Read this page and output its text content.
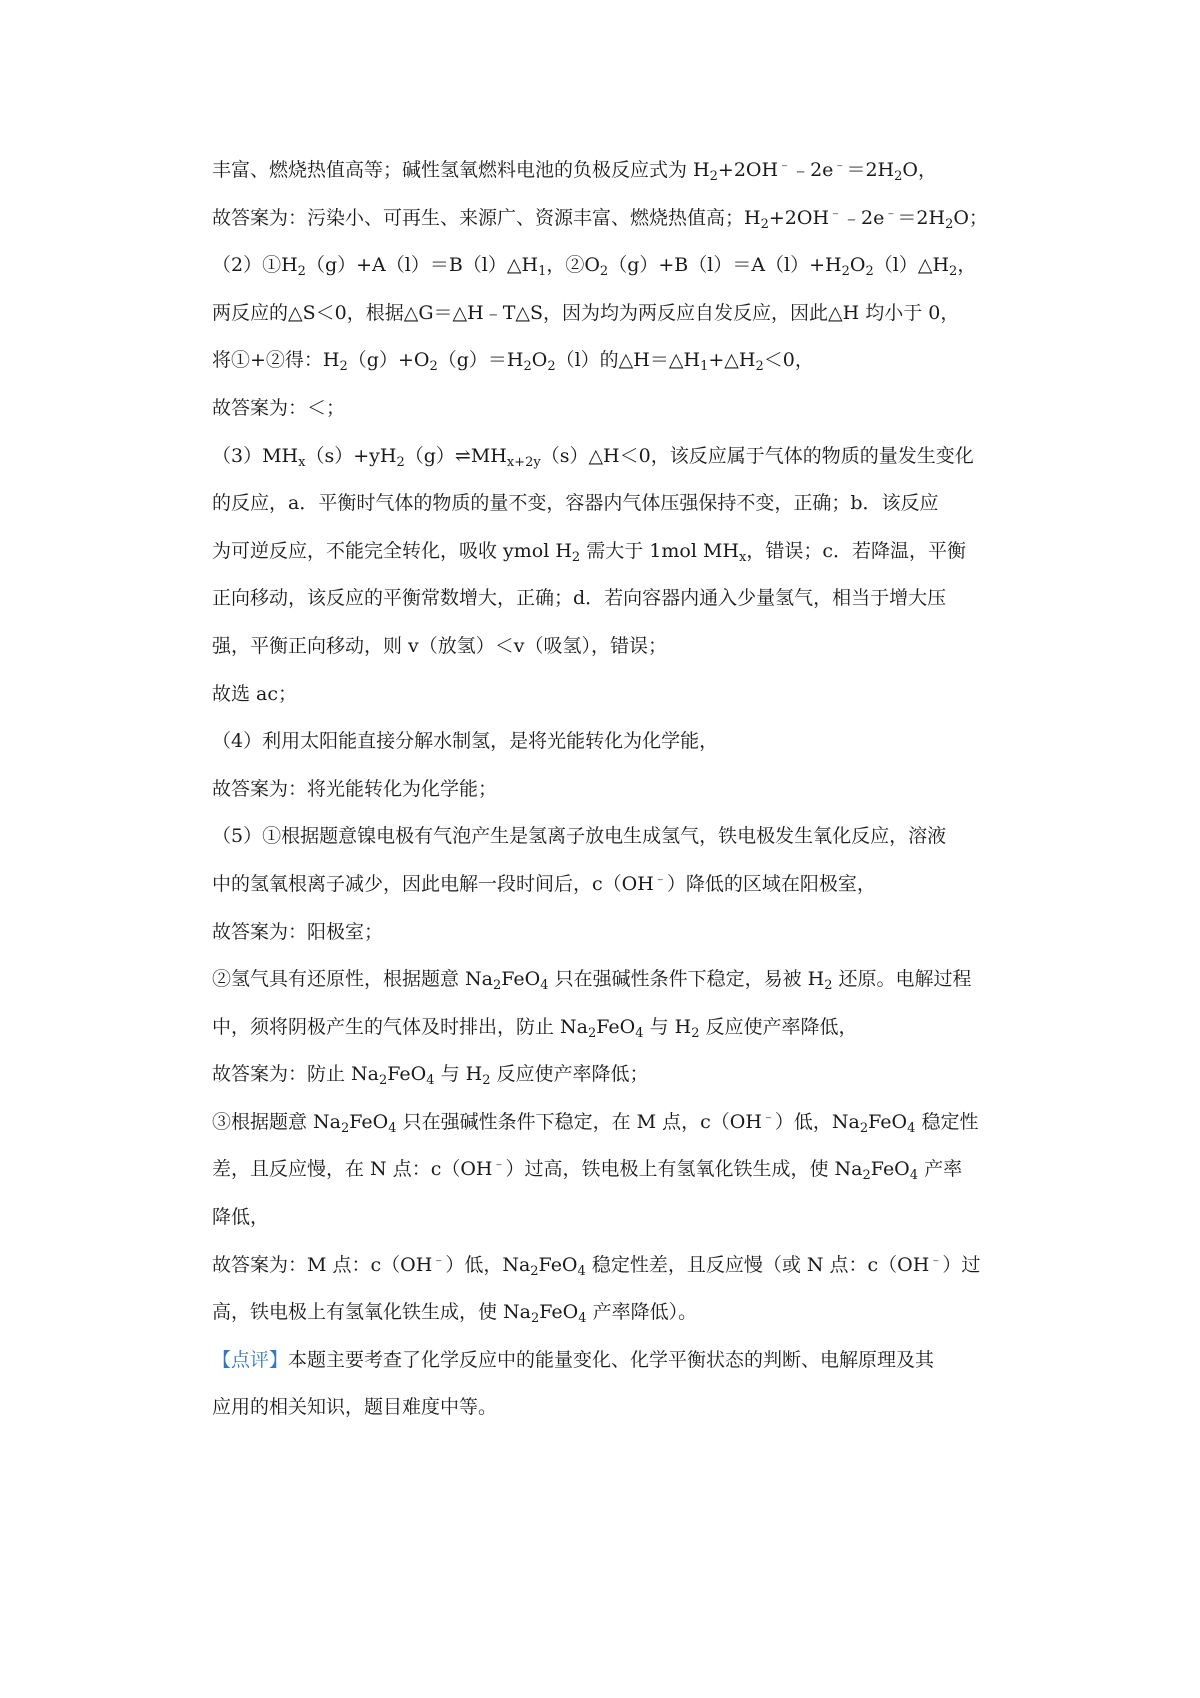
丰富、燃烧热值高等；碱性氢氧燃料电池的负极反应式为 $H_2+2OH^﹣﹣2e^﹣=2H_2O$，
故答案为：污染小、可再生、来源广、资源丰富、燃烧热值高；$H_2+2OH^﹣﹣2e^﹣=2H_2O$；
$(2)①H_2(g)+A(l)=B(l)\triangle H_1$，$②O_2(g)+B(l)=A(l)+H_2O_2(l)\triangle H_2$，
两反应的△S＜0，根据△G＝△H﹣T△S，因为均为两反应自发反应，因此△H 均小于 0，
将①+②得：$H_2(g)+O_2(g)=H_2O_2(l)$的$\triangle H=\triangle H_1+\triangle H_2<0$，
故答案为：＜；
$(3)MH_x(s)+yH_2(g)\rightleftharpoons MH_{x+2y}(s)\triangle H<0$，该反应属于气体的物质的量发生变化
的反应，a．平衡时气体的物质的量不变，容器内气体压强保持不变，正确；b．该反应
为可逆反应，不能完全转化，吸收 ymol $H_2$ 需大于 1mol $MH_x$，错误；c．若降温，平衡
正向移动，该反应的平衡常数增大，正确；d．若向容器内通入少量氢气，相当于增大压
强，平衡正向移动，则 v（放氢）＜v（吸氢），错误；
故选 ac；
（4）利用太阳能直接分解水制氢，是将光能转化为化学能，
故答案为：将光能转化为化学能；
（5）①根据题意镍电极有气泡产生是氢离子放电生成氢气，铁电极发生氧化反应，溶液
中的氢氧根离子减少，因此电解一段时间后，c（OH﹣）降低的区域在阳极室，
故答案为：阳极室；
②氢气具有还原性，根据题意 $Na_2FeO_4$ 只在强碱性条件下稳定，易被 $H_2$ 还原。电解过程
中，须将阴极产生的气体及时排出，防止 $Na_2FeO_4$ 与 $H_2$ 反应使产率降低，
故答案为：防止 $Na_2FeO_4$ 与 $H_2$ 反应使产率降低；
③根据题意 $Na_2FeO_4$ 只在强碱性条件下稳定，在 M 点，c（OH﹣）低，$Na_2FeO_4$ 稳定性
差，且反应慢，在 N 点：c（OH﹣）过高，铁电极上有氢氧化铁生成，使 $Na_2FeO_4$ 产率
降低，
故答案为：M 点：c（OH﹣）低，$Na_2FeO_4$ 稳定性差，且反应慢（或 N 点：c（OH﹣）过
高，铁电极上有氢氧化铁生成，使 $Na_2FeO_4$ 产率降低）。
【点评】本题主要考查了化学反应中的能量变化、化学平衡状态的判断、电解原理及其
应用的相关知识，题目难度中等。
